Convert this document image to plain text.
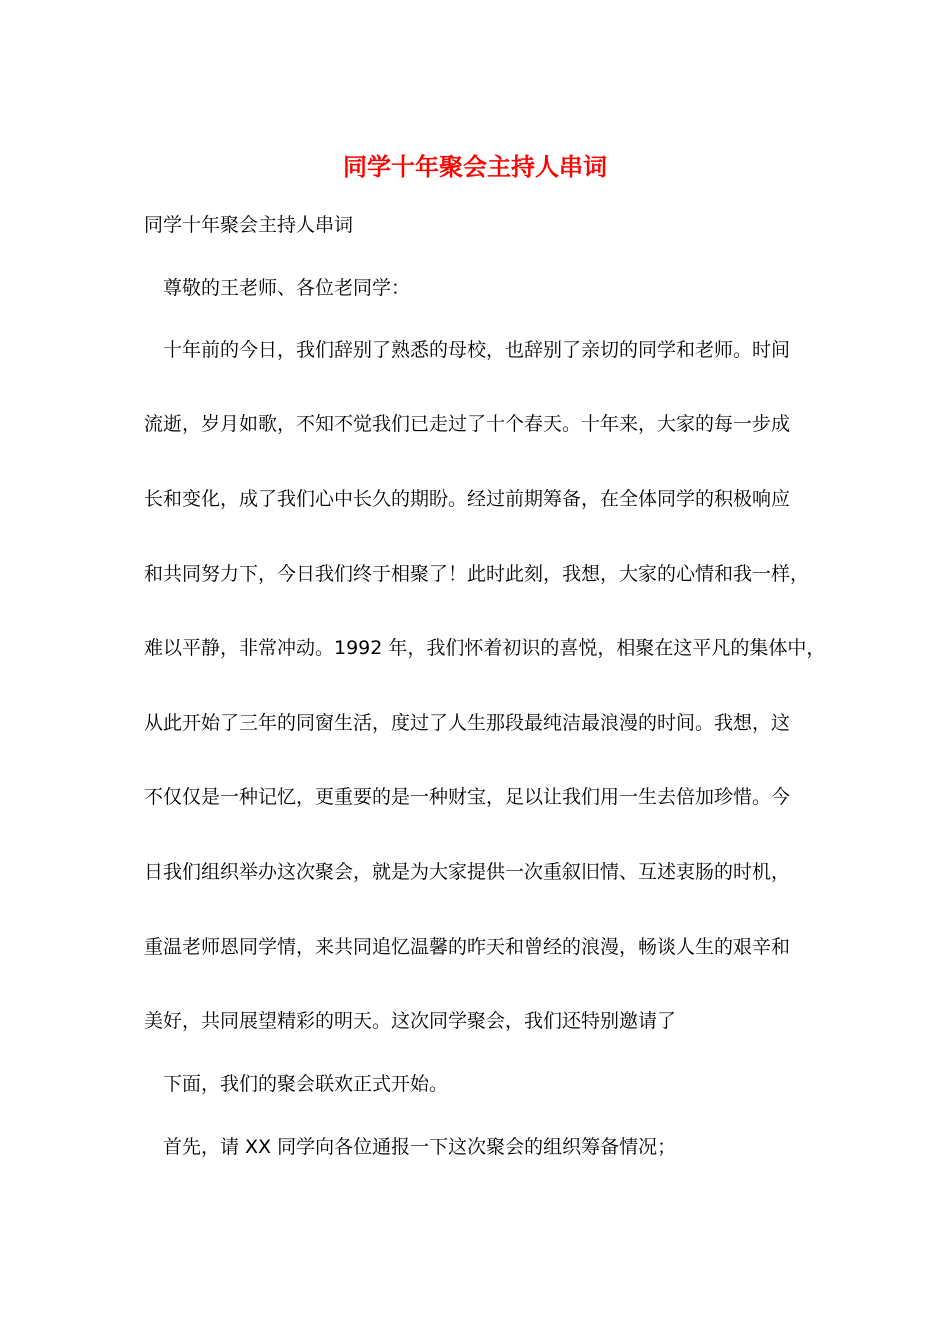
同学十年聚会主持人串词

同学十年聚会主持人串词

尊敬的王老师、各位老同学：

十年前的今日，我们辞别了熟悉的母校，也辞别了亲切的同学和老师。时间

流逝，岁月如歌，不知不觉我们已走过了十个春天。十年来，大家的每一步成

长和变化，成了我们心中长久的期盼。经过前期筹备，在全体同学的积极响应

和共同努力下，今日我们终于相聚了！此时此刻，我想，大家的心情和我一样，

难以平静，非常冲动。1992 年，我们怀着初识的喜悦，相聚在这平凡的集体中，

从此开始了三年的同窗生活，度过了人生那段最纯洁最浪漫的时间。我想，这

不仅仅是一种记忆，更重要的是一种财宝，足以让我们用一生去倍加珍惜。今

日我们组织举办这次聚会，就是为大家提供一次重叙旧情、互述衷肠的时机，

重温老师恩同学情，来共同追忆温馨的昨天和曾经的浪漫，畅谈人生的艰辛和

美好，共同展望精彩的明天。这次同学聚会，我们还特别邀请了

下面，我们的聚会联欢正式开始。

首先，请 XX 同学向各位通报一下这次聚会的组织筹备情况；
